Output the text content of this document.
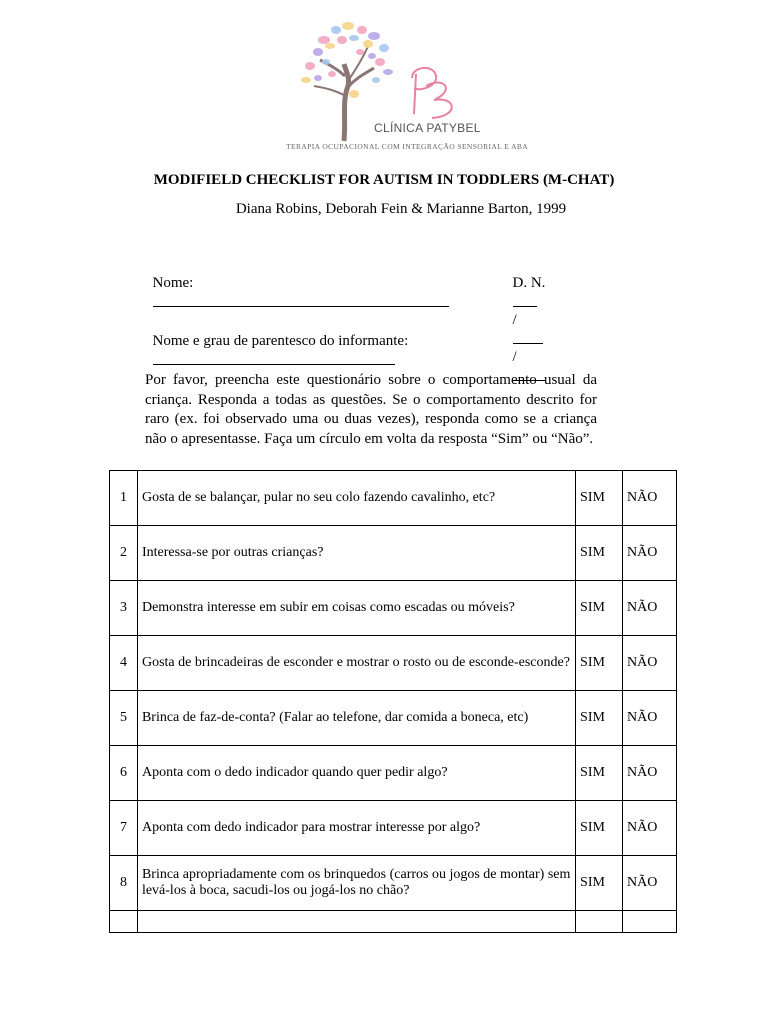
CLÍNICA PATYBEL
TERAPIA OCUPACIONAL COM INTEGRAÇÃO SENSORIAL E ABA
MODIFIELD CHECKLIST FOR AUTISM IN TODDLERS (M-CHAT)
Diana Robins, Deborah Fein & Marianne Barton, 1999

Nome:
	D. N.

/

/

Nome e grau de parentesco do informante:

Por favor, preencha este questionário sobre o comportamento usual da criança. Responda a todas as questões. Se o comportamento descrito for raro (ex. foi observado uma ou duas vezes), responda como se a criança não o apresentasse. Faça um círculo em volta da resposta “Sim” ou “Não”.
1	Gosta de se balançar, pular no seu colo fazendo cavalinho, etc?	SIM	NÃO
2	Interessa-se por outras crianças?	SIM	NÃO
3	Demonstra interesse em subir em coisas como escadas ou móveis?	SIM	NÃO
4	Gosta de brincadeiras de esconder e mostrar o rosto ou de esconde-esconde?	SIM	NÃO
5	Brinca de faz-de-conta? (Falar ao telefone, dar comida a boneca, etc)	SIM	NÃO
6	Aponta com o dedo indicador quando quer pedir algo?	SIM	NÃO
7	Aponta com dedo indicador para mostrar interesse por algo?	SIM	NÃO
8	Brinca apropriadamente com os brinquedos (carros ou jogos de montar) sem levá-los à boca, sacudi-los ou jogá-los no chão?	SIM	NÃO
